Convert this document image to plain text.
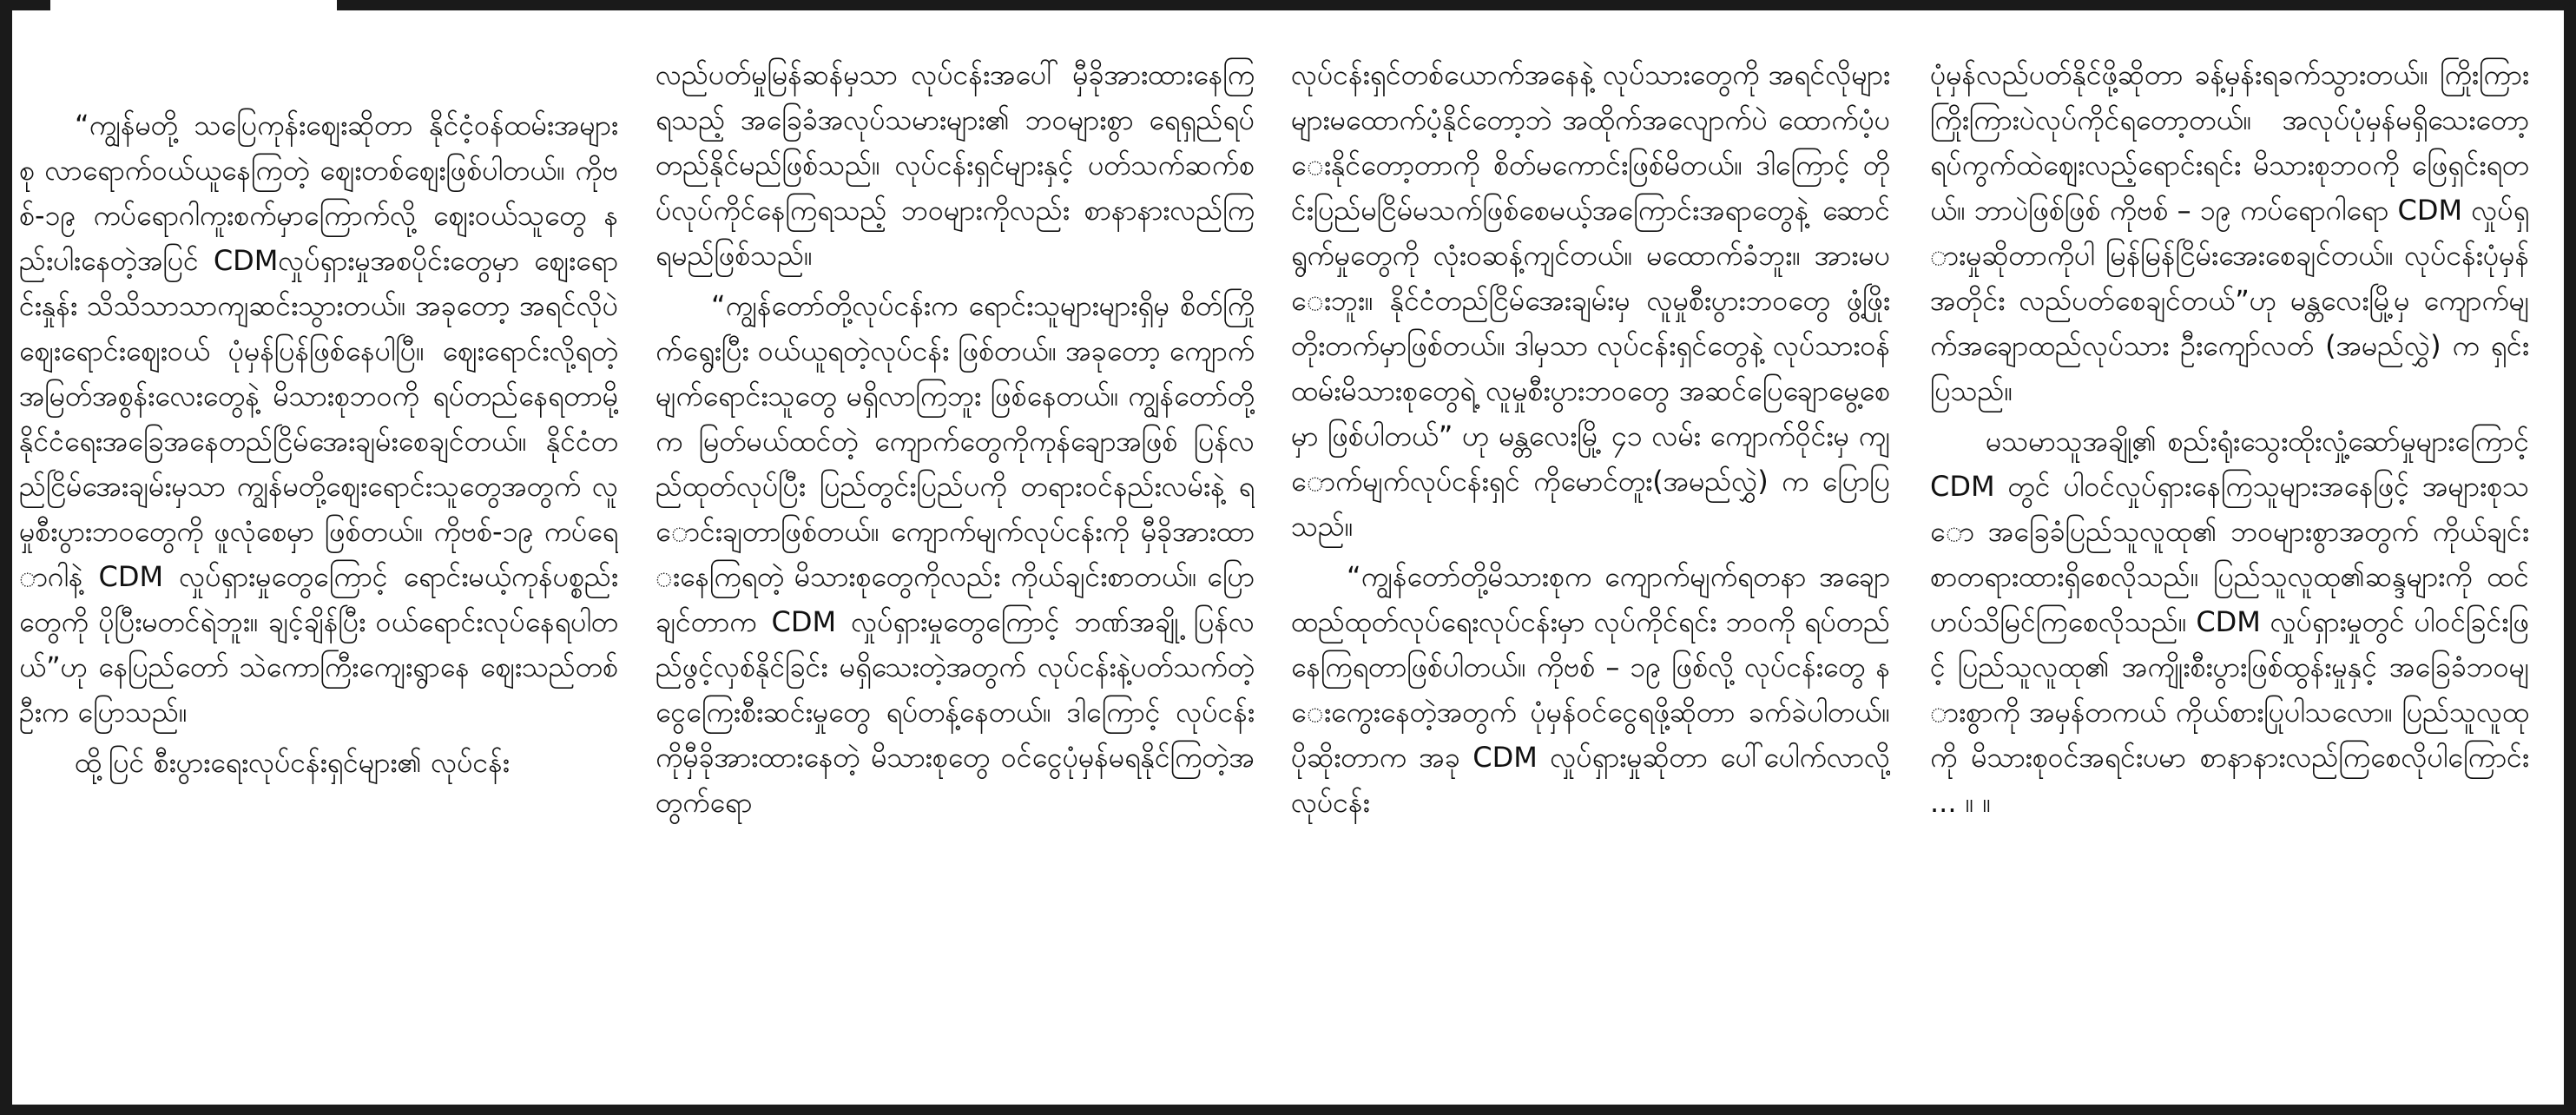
“ကျွန်မတို့ သပြေကုန်းဈေးဆိုတာ နိုင်ငံ့ဝန်ထမ်းအများစု လာရောက်ဝယ်ယူနေကြတဲ့ ဈေးတစ်ဈေးဖြစ်ပါတယ်။ ကိုဗစ်-၁၉ ကပ်ရောဂါကူးစက်မှာကြောက်လို့ ဈေးဝယ်သူတွေ နည်းပါးနေတဲ့အပြင် CDMလှုပ်ရှားမှုအစပိုင်းတွေမှာ ဈေးရောင်းနှုန်း သိသိသာသာကျဆင်းသွားတယ်။ အခုတော့ အရင်လိုပဲ ဈေးရောင်းဈေးဝယ် ပုံမှန်ပြန်ဖြစ်နေပါပြီ။ ဈေးရောင်းလို့ရတဲ့ အမြတ်အစွန်းလေးတွေနဲ့ မိသားစုဘဝကို ရပ်တည်နေရတာမို့ နိုင်ငံရေးအခြေအနေတည်ငြိမ်အေးချမ်းစေချင်တယ်။ နိုင်ငံတည်ငြိမ်အေးချမ်းမှသာ ကျွန်မတို့ဈေးရောင်းသူတွေအတွက် လူမှုစီးပွားဘဝတွေကို ဖူလုံစေမှာ ဖြစ်တယ်။ ကိုဗစ်-၁၉ ကပ်ရောဂါနဲ့ CDM လှုပ်ရှားမှုတွေကြောင့် ရောင်းမယ့်ကုန်ပစ္စည်းတွေကို ပိုပြီးမတင်ရဲဘူး။ ချင့်ချိန်ပြီး ဝယ်ရောင်းလုပ်နေရပါတယ်”ဟု နေပြည်တော် သဲကောကြီးကျေးရွာနေ ဈေးသည်တစ်ဦးက ပြောသည်။

ထို့ပြင် စီးပွားရေးလုပ်ငန်းရှင်များ၏ လုပ်ငန်း

လည်ပတ်မှုမြန်ဆန်မှသာ လုပ်ငန်းအပေါ် မှီခိုအားထားနေကြရသည့် အခြေခံအလုပ်သမားများ၏ ဘဝများစွာ ရေရှည်ရပ်တည်နိုင်မည်ဖြစ်သည်။ လုပ်ငန်းရှင်များနှင့် ပတ်သက်ဆက်စပ်လုပ်ကိုင်နေကြရသည့် ဘဝများကိုလည်း စာနာနားလည်ကြရမည်ဖြစ်သည်။

“ကျွန်တော်တို့လုပ်ငန်းက ရောင်းသူများများရှိမှ စိတ်ကြိုက်ရွေးပြီး ဝယ်ယူရတဲ့လုပ်ငန်း ဖြစ်တယ်။ အခုတော့ ကျောက်မျက်ရောင်းသူတွေ မရှိလာကြဘူး ဖြစ်နေတယ်။ ကျွန်တော်တို့က မြတ်မယ်ထင်တဲ့ ကျောက်တွေကိုကုန်ချောအဖြစ် ပြန်လည်ထုတ်လုပ်ပြီး ပြည်တွင်းပြည်ပကို တရားဝင်နည်းလမ်းနဲ့ ရောင်းချတာဖြစ်တယ်။ ကျောက်မျက်လုပ်ငန်းကို မှီခိုအားထားနေကြရတဲ့ မိသားစုတွေကိုလည်း ကိုယ်ချင်းစာတယ်။ ပြောချင်တာက CDM လှုပ်ရှားမှုတွေကြောင့် ဘဏ်အချို့ ပြန်လည်ဖွင့်လှစ်နိုင်ခြင်း မရှိသေးတဲ့အတွက် လုပ်ငန်းနဲ့ပတ်သက်တဲ့ ငွေကြေးစီးဆင်းမှုတွေ ရပ်တန့်နေတယ်။ ဒါကြောင့် လုပ်ငန်းကိုမှီခိုအားထားနေတဲ့ မိသားစုတွေ ဝင်ငွေပုံမှန်မရနိုင်ကြတဲ့အတွက်ရော

လုပ်ငန်းရှင်တစ်ယောက်အနေနဲ့ လုပ်သားတွေကို အရင်လိုများများမထောက်ပံ့နိုင်တော့ဘဲ အထိုက်အလျောက်ပဲ ထောက်ပံ့ပေးနိုင်တော့တာကို စိတ်မကောင်းဖြစ်မိတယ်။ ဒါကြောင့် တိုင်းပြည်မငြိမ်မသက်ဖြစ်စေမယ့်အကြောင်းအရာတွေနဲ့ ဆောင်ရွက်မှုတွေကို လုံးဝဆန့်ကျင်တယ်။ မထောက်ခံဘူး။ အားမပေးဘူး။ နိုင်ငံတည်ငြိမ်အေးချမ်းမှ လူမှုစီးပွားဘဝတွေ ဖွံ့ဖြိုးတိုးတက်မှာဖြစ်တယ်။ ဒါမှသာ လုပ်ငန်းရှင်တွေနဲ့ လုပ်သားဝန်ထမ်းမိသားစုတွေရဲ့ လူမှုစီးပွားဘဝတွေ အဆင်ပြေချောမွေ့စေမှာ ဖြစ်ပါတယ်” ဟု မန္တလေးမြို့ ၄၁ လမ်း ကျောက်ဝိုင်းမှ ကျောက်မျက်လုပ်ငန်းရှင် ကိုမောင်တူး(အမည်လွှဲ) က ပြောပြသည်။

“ကျွန်တော်တို့မိသားစုက ကျောက်မျက်ရတနာ အချောထည်ထုတ်လုပ်ရေးလုပ်ငန်းမှာ လုပ်ကိုင်ရင်း ဘဝကို ရပ်တည်နေကြရတာဖြစ်ပါတယ်။ ကိုဗစ် – ၁၉ ဖြစ်လို့ လုပ်ငန်းတွေ နေးကွေးနေတဲ့အတွက် ပုံမှန်ဝင်ငွေရဖို့ဆိုတာ ခက်ခဲပါတယ်။ ပိုဆိုးတာက အခု CDM လှုပ်ရှားမှုဆိုတာ ပေါ်ပေါက်လာလို့ လုပ်ငန်း

ပုံမှန်လည်ပတ်နိုင်ဖို့ဆိုတာ ခန့်မှန်းရခက်သွားတယ်။ ကြိုးကြားကြိုးကြားပဲလုပ်ကိုင်ရတော့တယ်။ အလုပ်ပုံမှန်မရှိသေးတော့ ရပ်ကွက်ထဲဈေးလည့်ရောင်းရင်း မိသားစုဘဝကို ဖြေရှင်းရတယ်။ ဘာပဲဖြစ်ဖြစ် ကိုဗစ် – ၁၉ ကပ်ရောဂါရော CDM လှုပ်ရှားမှုဆိုတာကိုပါ မြန်မြန်ငြိမ်းအေးစေချင်တယ်။ လုပ်ငန်းပုံမှန်အတိုင်း လည်ပတ်စေချင်တယ်”ဟု မန္တလေးမြို့မှ ကျောက်မျက်အချောထည်လုပ်သား ဦးကျော်လတ် (အမည်လွှဲ) က ရှင်းပြသည်။

မသမာသူအချို့၏ စည်းရုံးသွေးထိုးလှုံ့ဆော်မှုများကြောင့် CDM တွင် ပါဝင်လှုပ်ရှားနေကြသူများအနေဖြင့် အများစုသော အခြေခံပြည်သူလူထု၏ ဘဝများစွာအတွက် ကိုယ်ချင်းစာတရားထားရှိစေလိုသည်။ ပြည်သူလူထု၏ဆန္ဒများကို ထင်ဟပ်သိမြင်ကြစေလိုသည်။ CDM လှုပ်ရှားမှုတွင် ပါဝင်ခြင်းဖြင့် ပြည်သူလူထု၏ အကျိုးစီးပွားဖြစ်ထွန်းမှုနှင့် အခြေခံဘဝများစွာကို အမှန်တကယ် ကိုယ်စားပြုပါသလော။ ပြည်သူလူထုကို မိသားစုဝင်အရင်းပမာ စာနာနားလည်ကြစေလိုပါကြောင်း ... ။ ။
